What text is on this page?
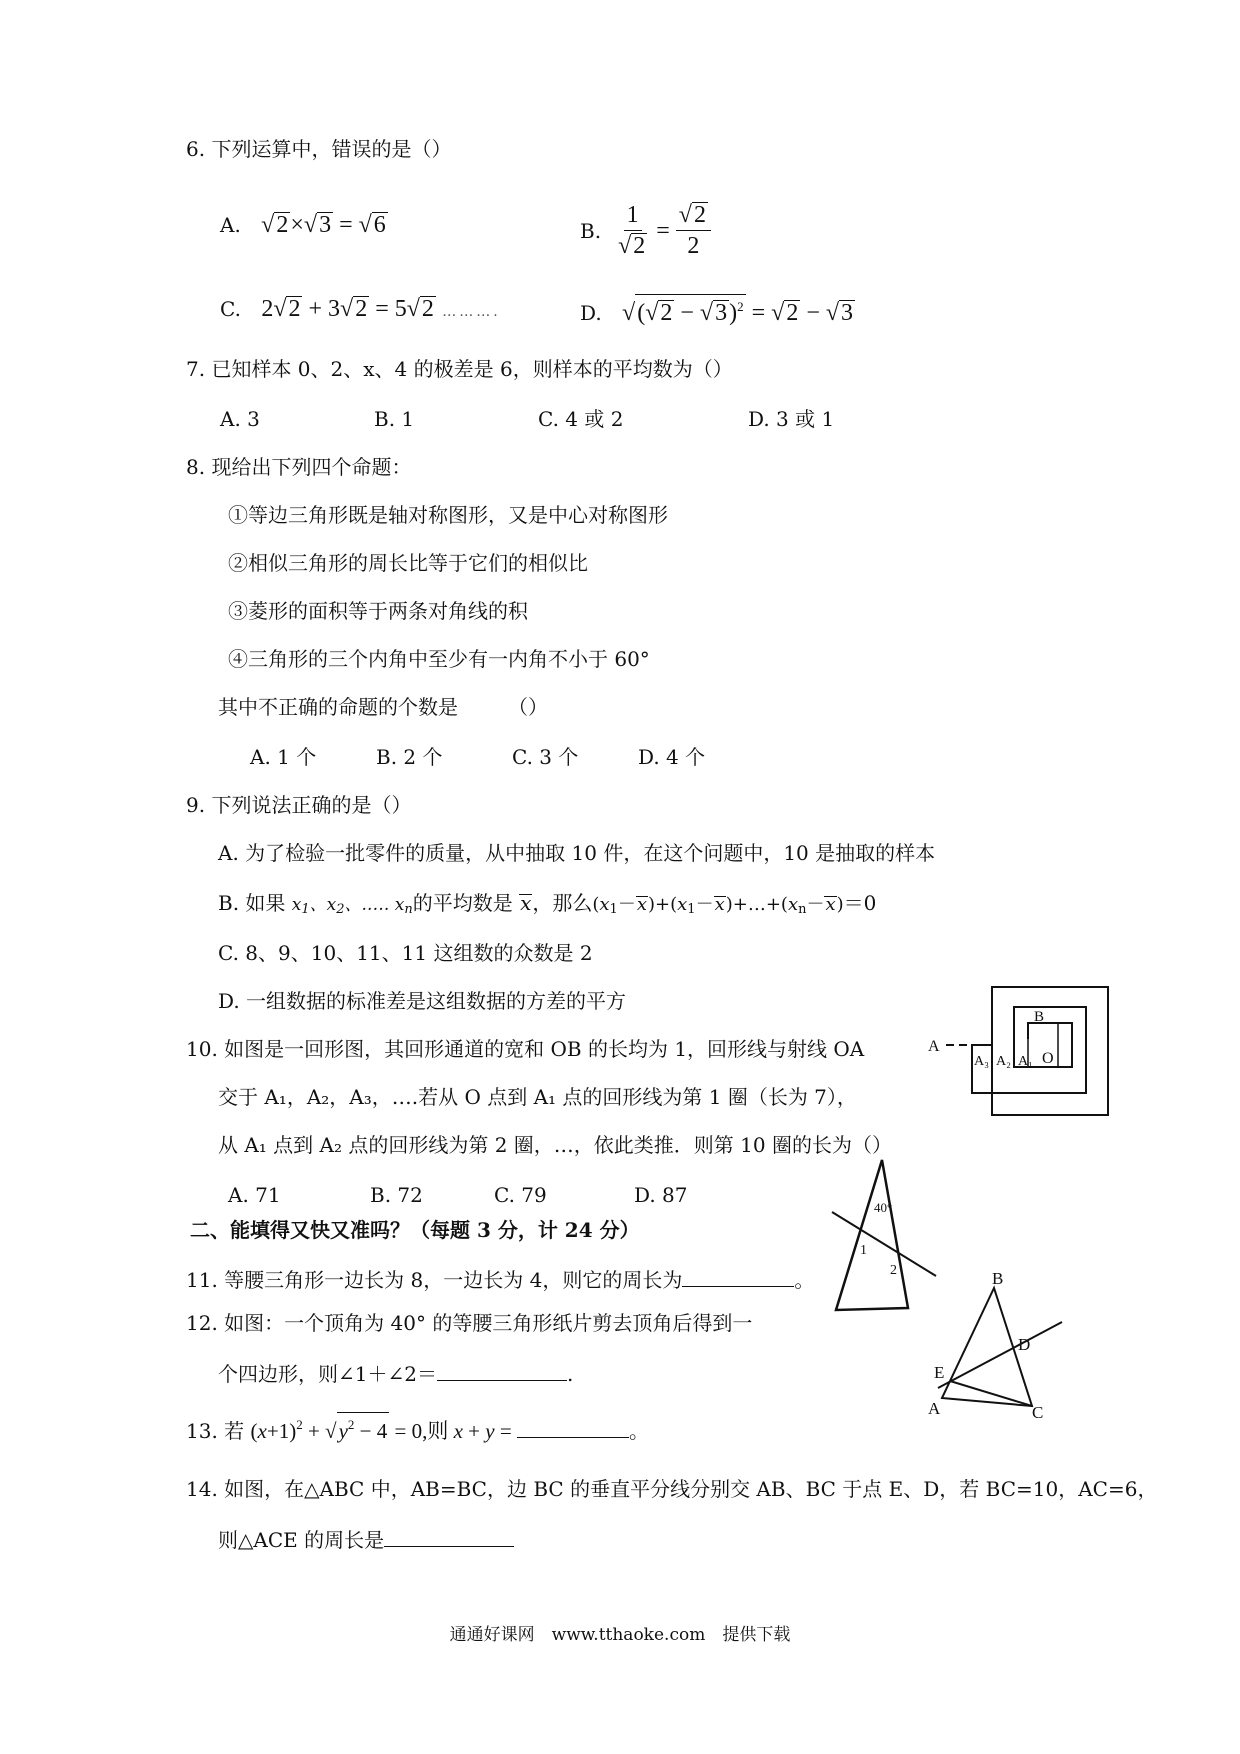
6. 下列运算中，错误的是（）
A. √2×√3 = √6	B. $\frac{1}{√2} = \frac{√2}{2}$
C. 2√2 + 3√2 = 5√2 ……….	D. $√(√2 - √3)^2 = √2 - √3$
7. 已知样本 0、2、x、4 的极差是 6，则样本的平均数为（）
A. 3	B. 1	C. 4 或 2	D. 3 或 1
8. 现给出下列四个命题：
①等边三角形既是轴对称图形，又是中心对称图形
②相似三角形的周长比等于它们的相似比
③菱形的面积等于两条对角线的积
④三角形的三个内角中至少有一内角不小于 60°
其中不正确的命题的个数是　　　（）
A. 1 个	B. 2 个	C. 3 个	D. 4 个
9. 下列说法正确的是（）
A. 为了检验一批零件的质量，从中抽取 10 件，在这个问题中，10 是抽取的样本
B. 如果 $x_1$、$x_2$、.…. $x_n$的平均数是 x，那么$(x_1-x)+(x_1-x)+\dots+(x_n-x)=0$
C. 8、9、10、11、11 这组数的众数是 2
D. 一组数据的标准差是这组数据的方差的平方
10. 如图是一回形图，其回形通道的宽和 OB 的长均为 1，回形线与射线 OA
交于 A₁，A₂，A₃，….若从 O 点到 A₁ 点的回形线为第 1 圈（长为 7），
从 A₁ 点到 A₂ 点的回形线为第 2 圈，…，依此类推．则第 10 圈的长为（）
A. 71	B. 72	C. 79	D. 87
A
A₃ A₂ A₁ O
B
二、能填得又快又准吗？（每题 3 分，计 24 分）
40°
1
2
11. 等腰三角形一边长为 8，一边长为 4，则它的周长为	。
12. 如图：一个顶角为 40° 的等腰三角形纸片剪去顶角后得到一
个四边形，则∠1＋∠2＝	.
B
E
D
A	C
13. 若 $(x+1)^2 + √y^2 - 4 = 0$,则 x + y =	。
14. 如图，在△ABC 中，AB=BC，边 BC 的垂直平分线分别交 AB、BC 于点 E、D，若 BC=10，AC=6，
则△ACE 的周长是
通通好课网　www.tthaoke.com　提供下载
